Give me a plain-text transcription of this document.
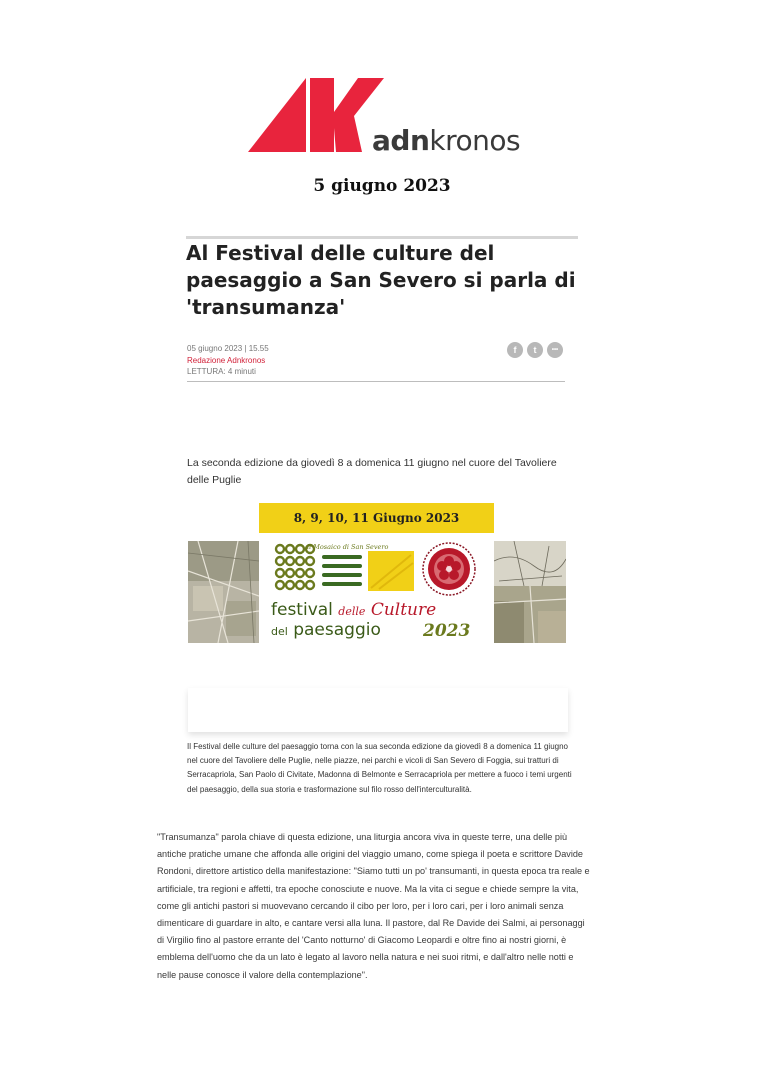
adnkronos
5 giugno 2023
Al Festival delle culture del paesaggio a San Severo si parla di 'transumanza'
05 giugno 2023 | 15.55
Redazione Adnkronos
LETTURA: 4 minuti
f	t	•••
La seconda edizione da giovedì 8 a domenica 11 giugno nel cuore del Tavoliere delle Puglie
8, 9, 10, 11 Giugno 2023
il Mosaico di San Severo
festival delle Culture
del paesaggio 2023

Il Festival delle culture del paesaggio torna con la sua seconda edizione da giovedì 8 a domenica 11 giugno nel cuore del Tavoliere delle Puglie, nelle piazze, nei parchi e vicoli di San Severo di Foggia, sui tratturi di Serracapriola, San Paolo di Civitate, Madonna di Belmonte e Serracapriola per mettere a fuoco i temi urgenti del paesaggio, della sua storia e trasformazione sul filo rosso dell'interculturalità.

"Transumanza" parola chiave di questa edizione, una liturgia ancora viva in queste terre, una delle più antiche pratiche umane che affonda alle origini del viaggio umano, come spiega il poeta e scrittore Davide Rondoni, direttore artistico della manifestazione: "Siamo tutti un po' transumanti, in questa epoca tra reale e artificiale, tra regioni e affetti, tra epoche conosciute e nuove. Ma la vita ci segue e chiede sempre la vita, come gli antichi pastori si muovevano cercando il cibo per loro, per i loro cari, per i loro animali senza dimenticare di guardare in alto, e cantare versi alla luna. Il pastore, dal Re Davide dei Salmi, ai personaggi di Virgilio fino al pastore errante del 'Canto notturno' di Giacomo Leopardi e oltre fino ai nostri giorni, è emblema dell'uomo che da un lato è legato al lavoro nella natura e nei suoi ritmi, e dall'altro nelle notti e nelle pause conosce il valore della contemplazione".
